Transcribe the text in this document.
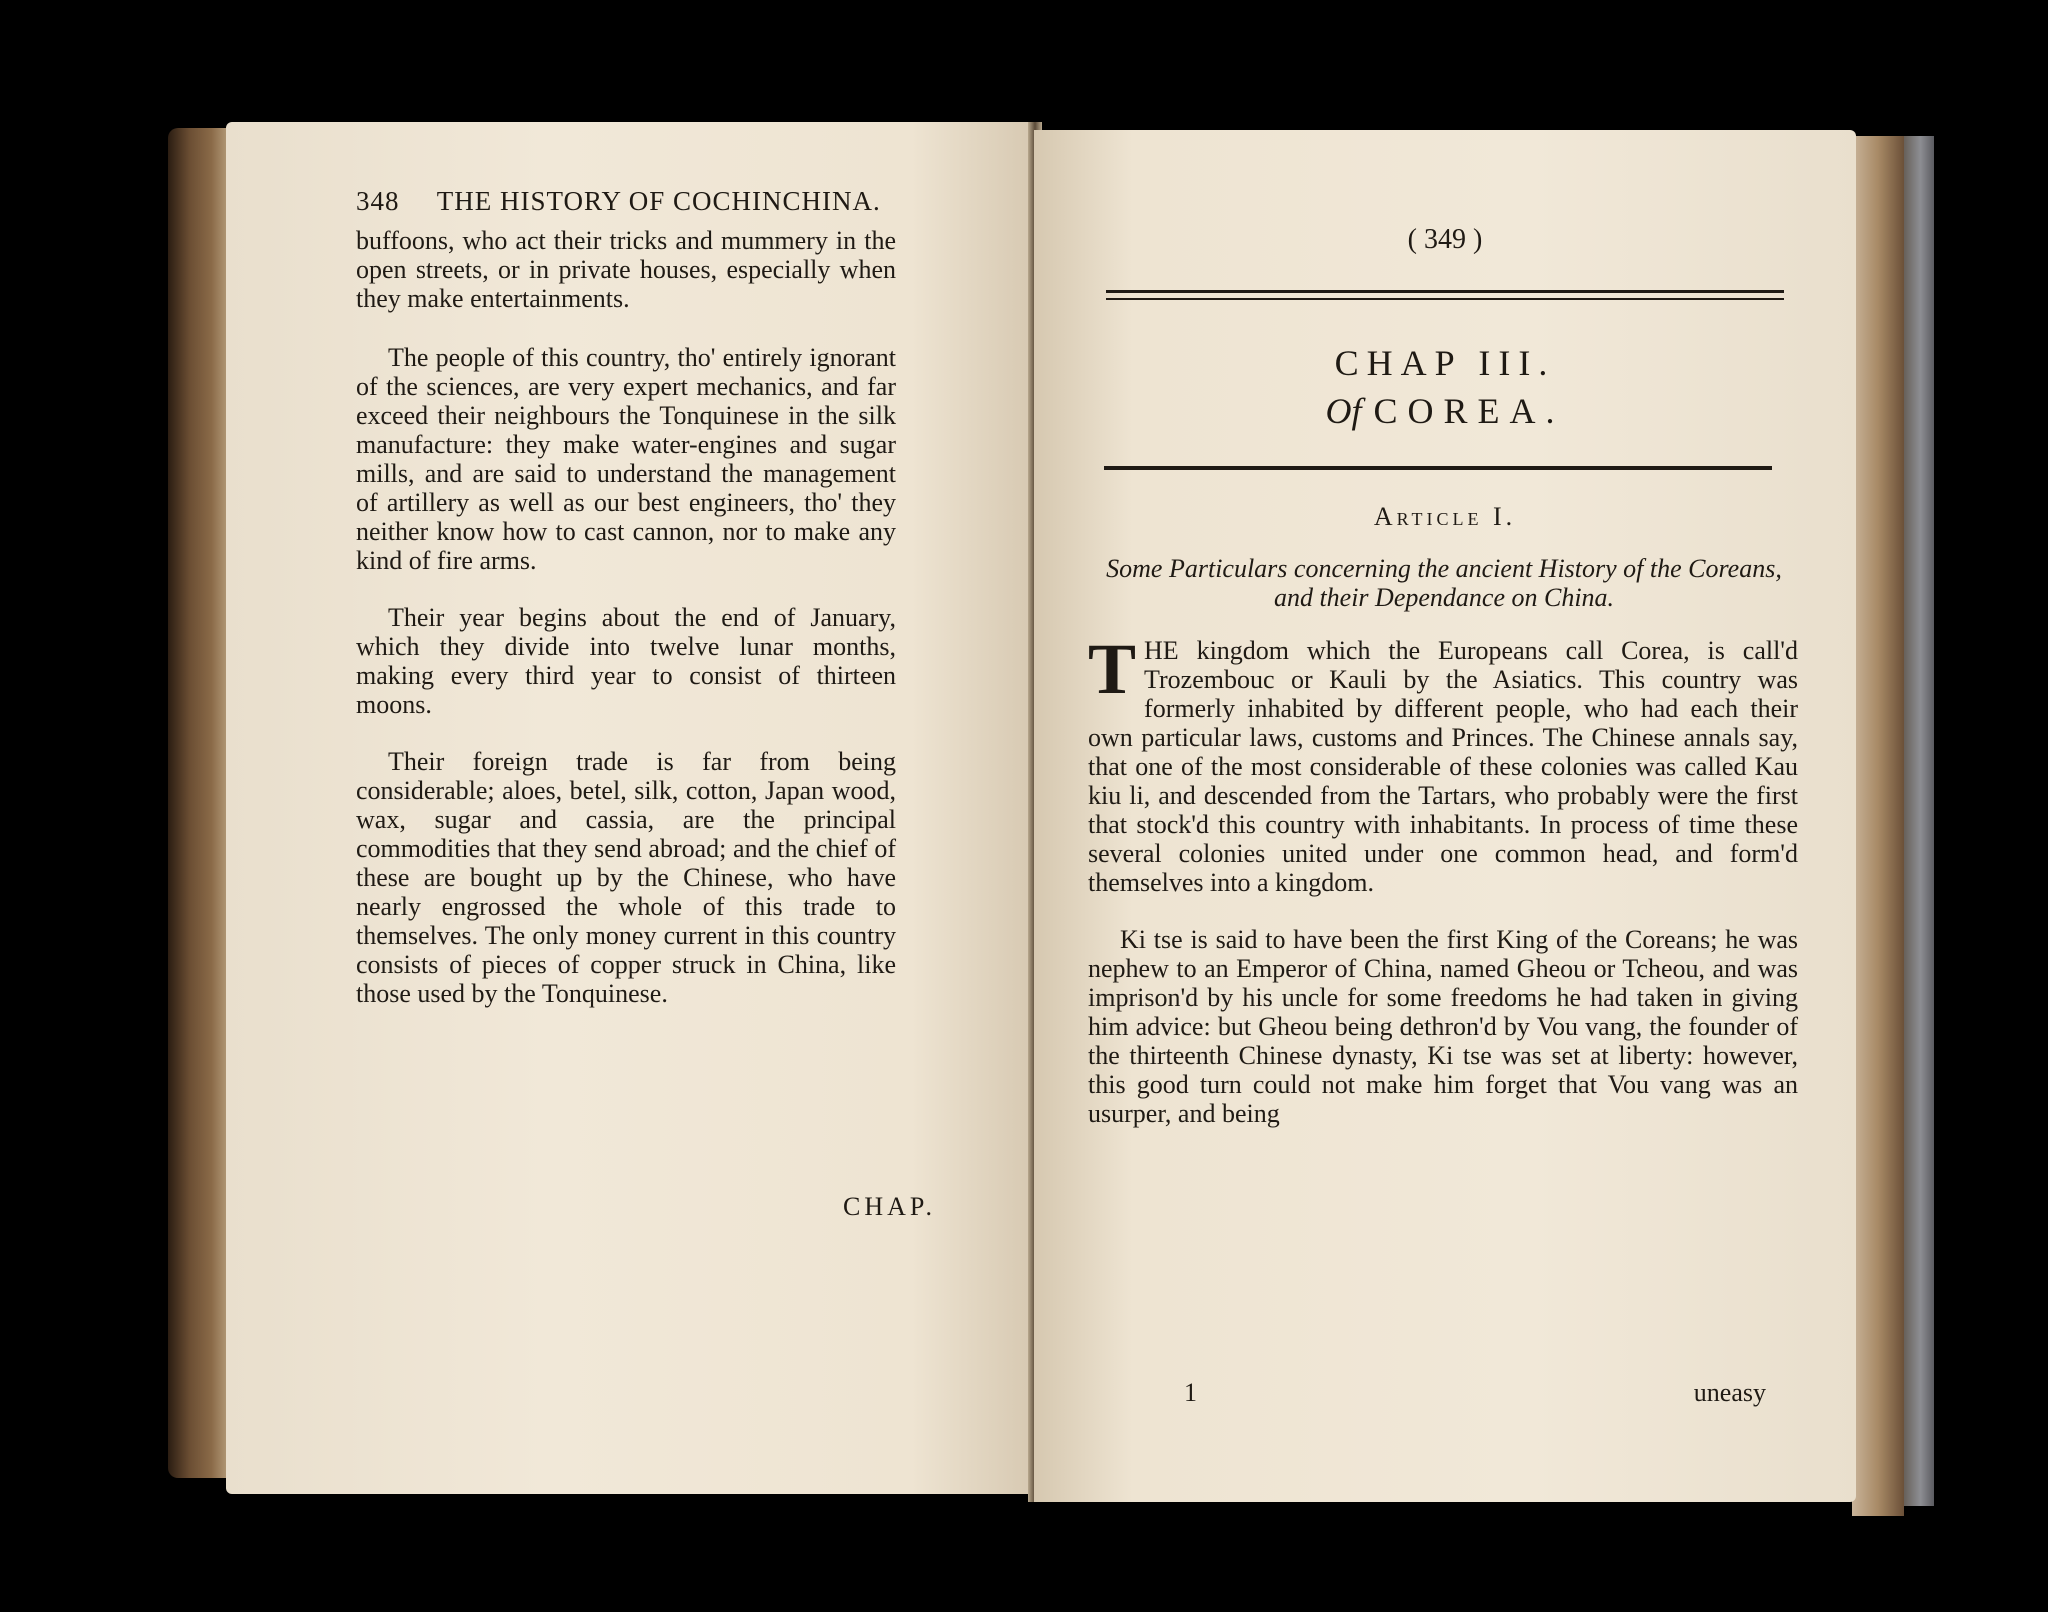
348 THE HISTORY OF COCHINCHINA.

buffoons, who act their tricks and mummery in the open streets, or in private houses, especially when they make entertainments.

The people of this country, tho' entirely ignorant of the sciences, are very expert mechanics, and far exceed their neighbours the Tonquinese in the silk manufacture: they make water-engines and sugar mills, and are said to understand the management of artillery as well as our best engineers, tho' they neither know how to cast cannon, nor to make any kind of fire arms.

Their year begins about the end of January, which they divide into twelve lunar months, making every third year to consist of thirteen moons.

Their foreign trade is far from being considerable; aloes, betel, silk, cotton, Japan wood, wax, sugar and cassia, are the principal commodities that they send abroad; and the chief of these are bought up by the Chinese, who have nearly engrossed the whole of this trade to themselves. The only money current in this country consists of pieces of copper struck in China, like those used by the Tonquinese.

CHAP.
( 349 )
CHAP III.
Of COREA.
Article I.
Some Particulars concerning the ancient History of the Coreans, and their Dependance on China.

THE kingdom which the Europeans call Corea, is call'd Trozembouc or Kauli by the Asiatics. This country was formerly inhabited by different people, who had each their own particular laws, customs and Princes. The Chinese annals say, that one of the most considerable of these colonies was called Kau kiu li, and descended from the Tartars, who probably were the first that stock'd this country with inhabitants. In process of time these several colonies united under one common head, and form'd themselves into a kingdom.

Ki tse is said to have been the first King of the Coreans; he was nephew to an Emperor of China, named Gheou or Tcheou, and was imprison'd by his uncle for some freedoms he had taken in giving him advice: but Gheou being dethron'd by Vou vang, the founder of the thirteenth Chinese dynasty, Ki tse was set at liberty: however, this good turn could not make him forget that Vou vang was an usurper, and being

1	uneasy
